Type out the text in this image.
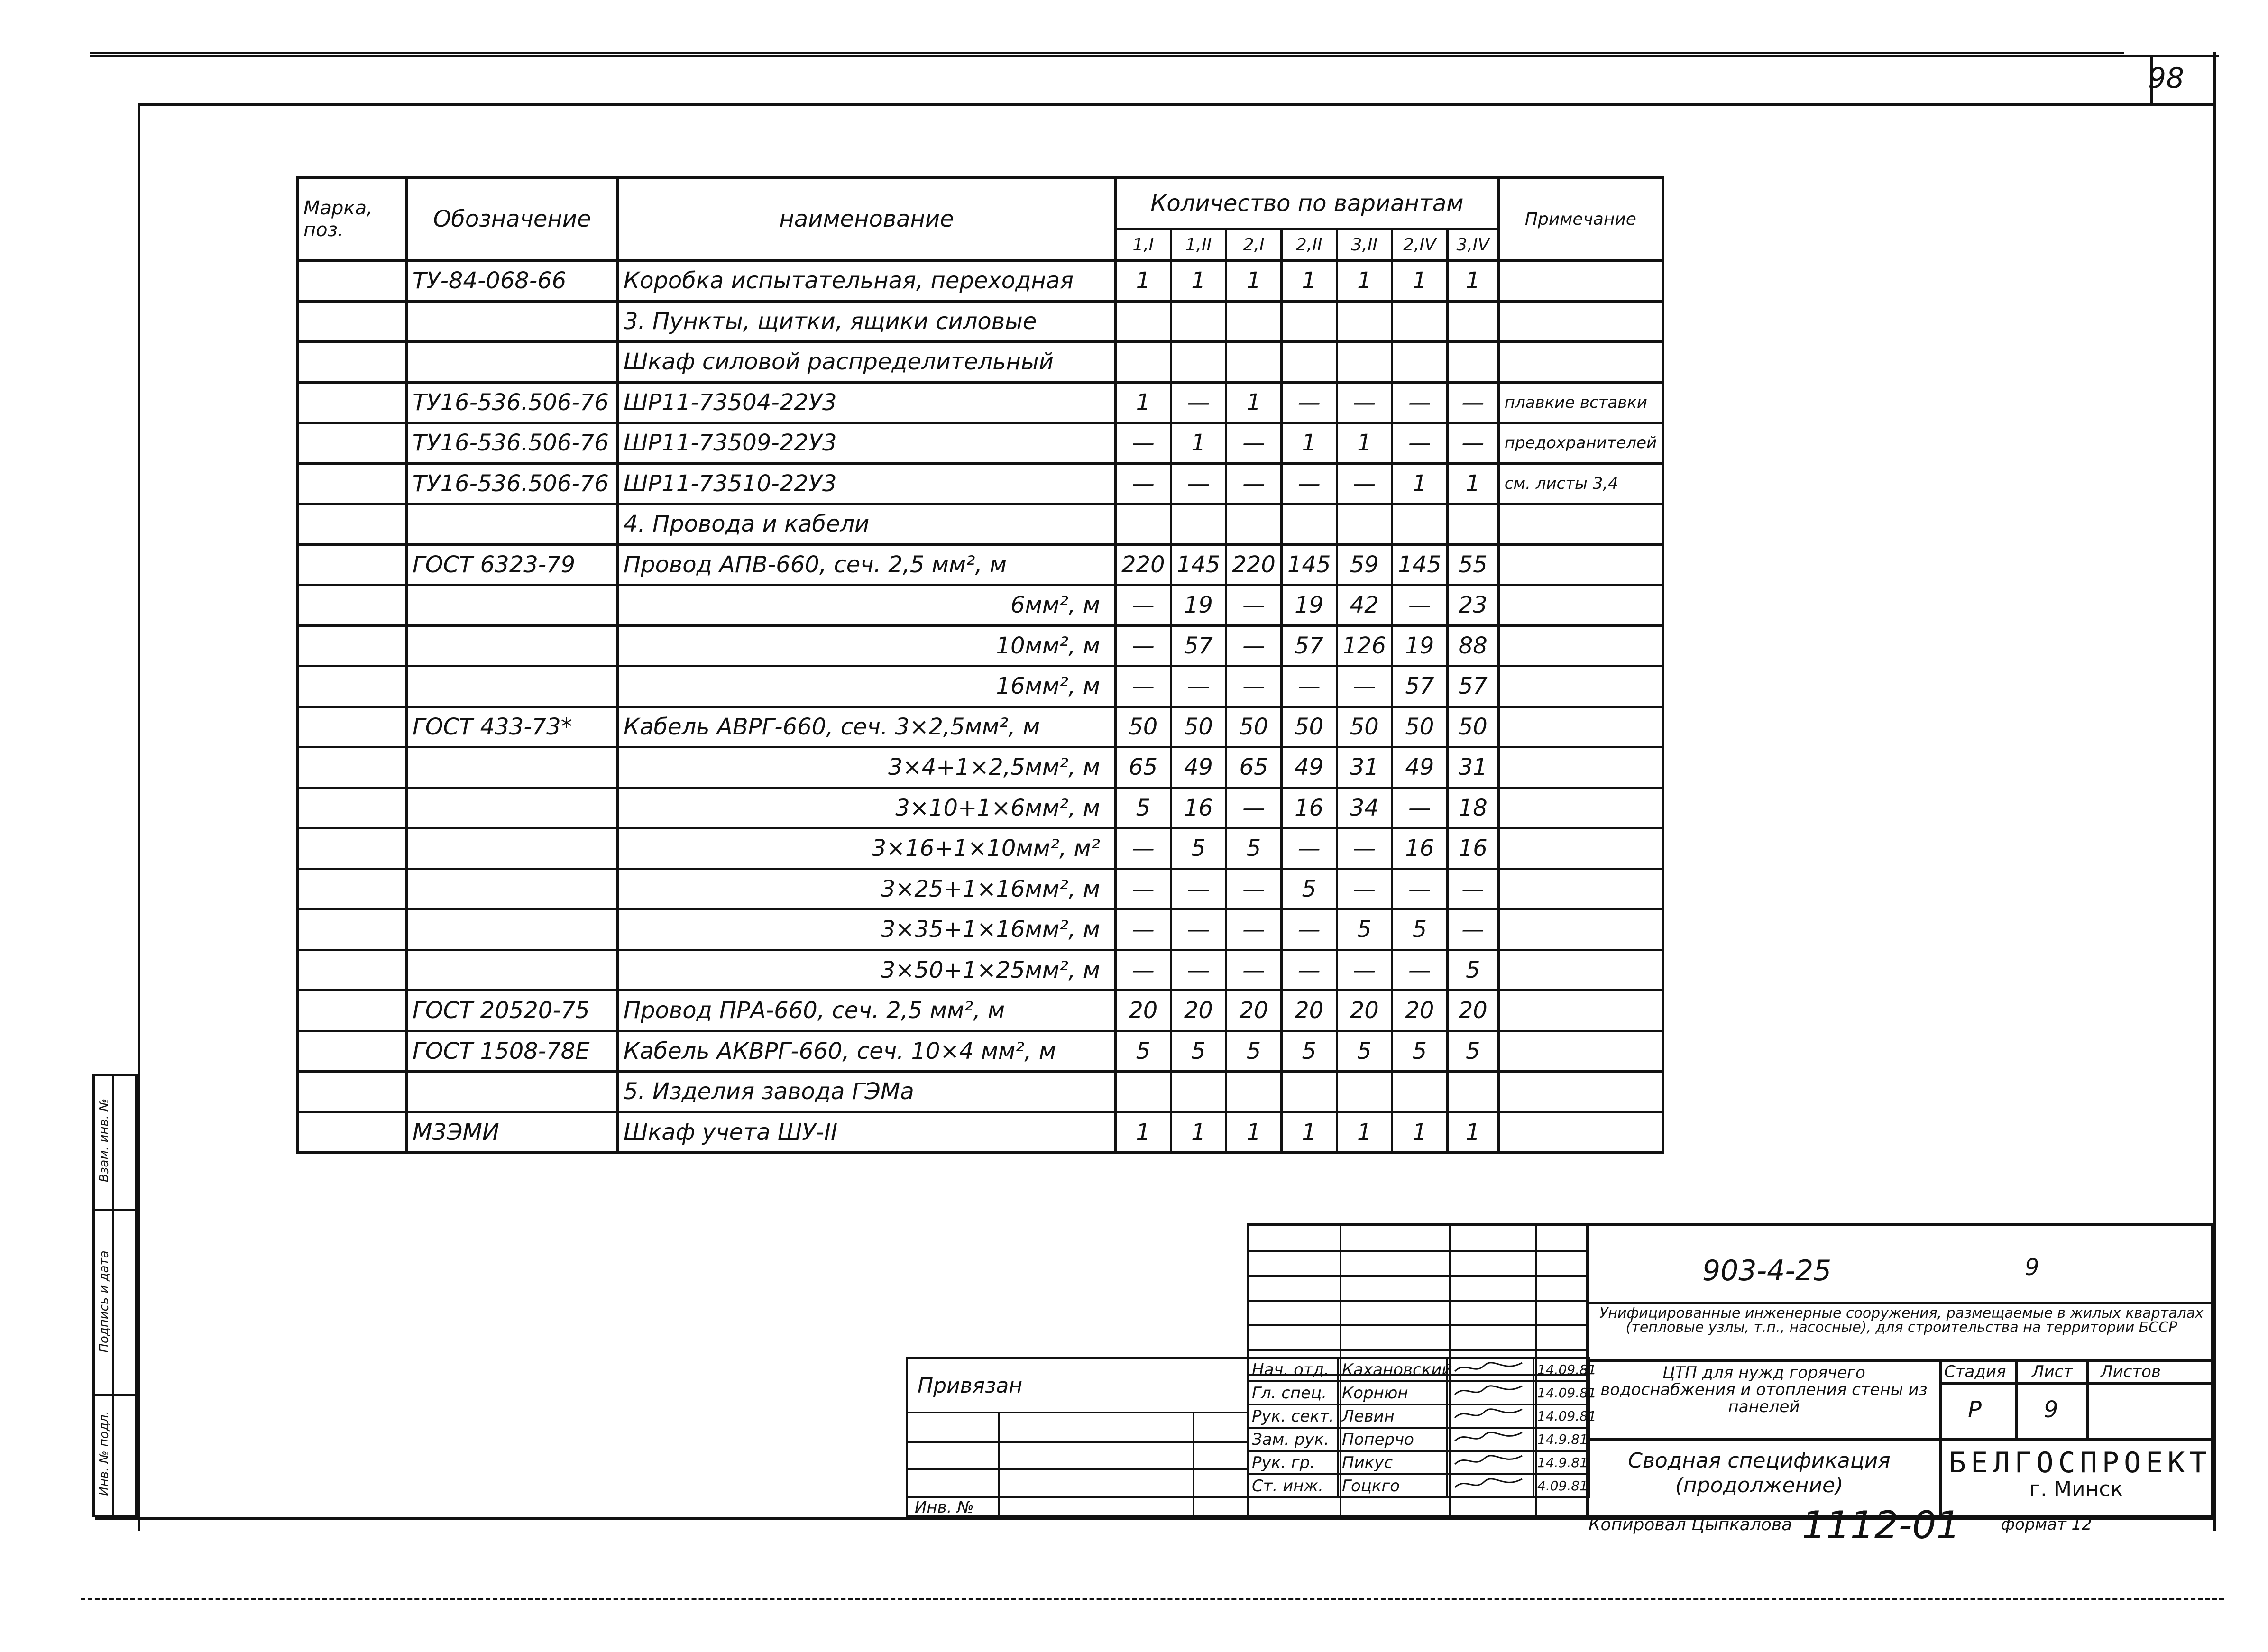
98
Взам. инв. №
Подпись и дата
Инв. № подл.
Марка, поз.	Обозначение	наименование	Количество по вариантам							Примечание
			1,I	1,II	2,I	2,II	3,II	2,IV	3,IV	
	ТУ-84-068-66	Коробка испытательная, переходная	1	1	1	1	1	1	1	
		3. Пункты, щитки, ящики силовые								
		Шкаф силовой распределительный								
	ТУ16-536.506-76	ШР11-73504-22У3	1	—	1	—	—	—	—	плавкие вставки
	ТУ16-536.506-76	ШР11-73509-22У3	—	1	—	1	1	—	—	предохранителей
	ТУ16-536.506-76	ШР11-73510-22У3	—	—	—	—	—	1	1	см. листы 3,4
		4. Провода и кабели								
	ГОСТ 6323-79	Провод АПВ-660, сеч. 2,5 мм², м	220	145	220	145	59	145	55	
		6мм², м	—	19	—	19	42	—	23	
		10мм², м	—	57	—	57	126	19	88	
		16мм², м	—	—	—	—	—	57	57	
	ГОСТ 433-73*	Кабель АВРГ-660, сеч. 3×2,5мм², м	50	50	50	50	50	50	50	
		3×4+1×2,5мм², м	65	49	65	49	31	49	31	
		3×10+1×6мм², м	5	16	—	16	34	—	18	
		3×16+1×10мм², м²	—	5	5	—	—	16	16	
		3×25+1×16мм², м	—	—	—	5	—	—	—	
		3×35+1×16мм², м	—	—	—	—	5	5	—	
		3×50+1×25мм², м	—	—	—	—	—	—	5	
	ГОСТ 20520-75	Провод ПРА-660, сеч. 2,5 мм², м	20	20	20	20	20	20	20	
	ГОСТ 1508-78Е	Кабель АКВРГ-660, сеч. 10×4 мм², м	5	5	5	5	5	5	5	
		5. Изделия завода ГЭМа								
	М3ЭМИ	Шкаф учета ШУ-II	1	1	1	1	1	1	1	
Нач. отд.	Кахановский		14.09.81
Гл. спец.	Корнюн		14.09.81
Рук. сект.	Левин		14.09.81
Зам. рук.	Поперчо		14.9.81
Рук. гр.	Пикус		14.9.81
Ст. инж.	Гоцкго		4.09.81
903-4-25	9
Унифицированные инженерные сооружения, размещаемые в жилых кварталах (тепловые узлы, т.п., насосные), для строительства на территории БССР
ЦТП для нужд горячего водоснабжения и отопления стены из панелей
Сводная спецификация (продолжение)
Стадия Лист Листов
Р	9
БЕЛГОСПРОЕКТ
г. Минск
Привязан
Инв. №
Копировал Цыпкалова 1112-01	формат 12
